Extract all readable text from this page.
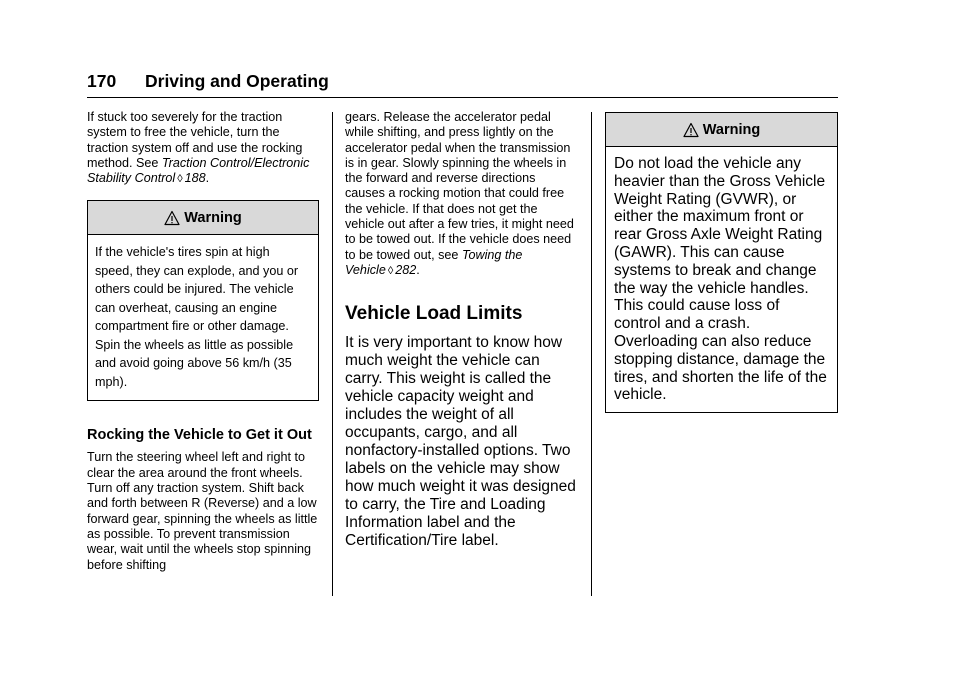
170 Driving and Operating

If stuck too severely for the traction system to free the vehicle, turn the traction system off and use the rocking method. See Traction Control/Electronic Stability Control ◊ 188.

Warning

If the vehicle's tires spin at high speed, they can explode, and you or others could be injured. The vehicle can overheat, causing an engine compartment fire or other damage. Spin the wheels as little as possible and avoid going above 56 km/h (35 mph).

Rocking the Vehicle to Get it Out

Turn the steering wheel left and right to clear the area around the front wheels. Turn off any traction system. Shift back and forth between R (Reverse) and a low forward gear, spinning the wheels as little as possible. To prevent transmission wear, wait until the wheels stop spinning before shifting

gears. Release the accelerator pedal while shifting, and press lightly on the accelerator pedal when the transmission is in gear. Slowly spinning the wheels in the forward and reverse directions causes a rocking motion that could free the vehicle. If that does not get the vehicle out after a few tries, it might need to be towed out. If the vehicle does need to be towed out, see Towing the Vehicle ◊ 282.

Vehicle Load Limits

It is very important to know how much weight the vehicle can carry. This weight is called the vehicle capacity weight and includes the weight of all occupants, cargo, and all nonfactory-installed options. Two labels on the vehicle may show how much weight it was designed to carry, the Tire and Loading Information label and the Certification/Tire label.

Warning

Do not load the vehicle any heavier than the Gross Vehicle Weight Rating (GVWR), or either the maximum front or rear Gross Axle Weight Rating (GAWR). This can cause systems to break and change the way the vehicle handles. This could cause loss of control and a crash. Overloading can also reduce stopping distance, damage the tires, and shorten the life of the vehicle.
